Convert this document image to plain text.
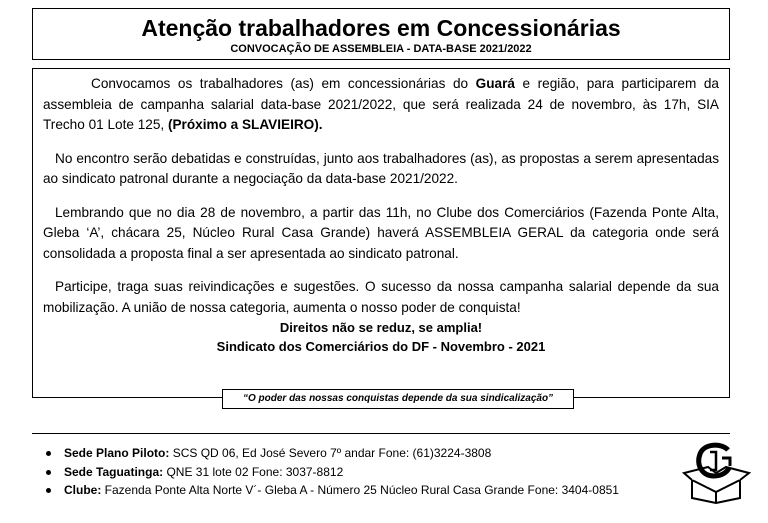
Atenção trabalhadores em Concessionárias
CONVOCAÇÃO DE ASSEMBLEIA - DATA-BASE 2021/2022

Convocamos os trabalhadores (as) em concessionárias do Guará e região, para participarem da assembleia de campanha salarial data-base 2021/2022, que será realizada 24 de novembro, às 17h, SIA Trecho 01 Lote 125, (Próximo a SLAVIEIRO).

No encontro serão debatidas e construídas, junto aos trabalhadores (as), as propostas a serem apresentadas ao sindicato patronal durante a negociação da data-base 2021/2022.

Lembrando que no dia 28 de novembro, a partir das 11h, no Clube dos Comerciários (Fazenda Ponte Alta, Gleba ‘A’, chácara 25, Núcleo Rural Casa Grande) haverá ASSEMBLEIA GERAL da categoria onde será consolidada a proposta final a ser apresentada ao sindicato patronal.

Participe, traga suas reivindicações e sugestões. O sucesso da nossa campanha salarial depende da sua mobilização. A união de nossa categoria, aumenta o nosso poder de conquista!

Direitos não se reduz, se amplia!

Sindicato dos Comerciários do DF - Novembro - 2021

“O poder das nossas conquistas depende da sua sindicalização”
Sede Plano Piloto: SCS QD 06, Ed José Severo 7º andar Fone: (61)3224-3808
Sede Taguatinga: QNE 31 lote 02 Fone: 3037-8812
Clube: Fazenda Ponte Alta Norte V´- Gleba A - Número 25 Núcleo Rural Casa Grande Fone: 3404-0851
C
